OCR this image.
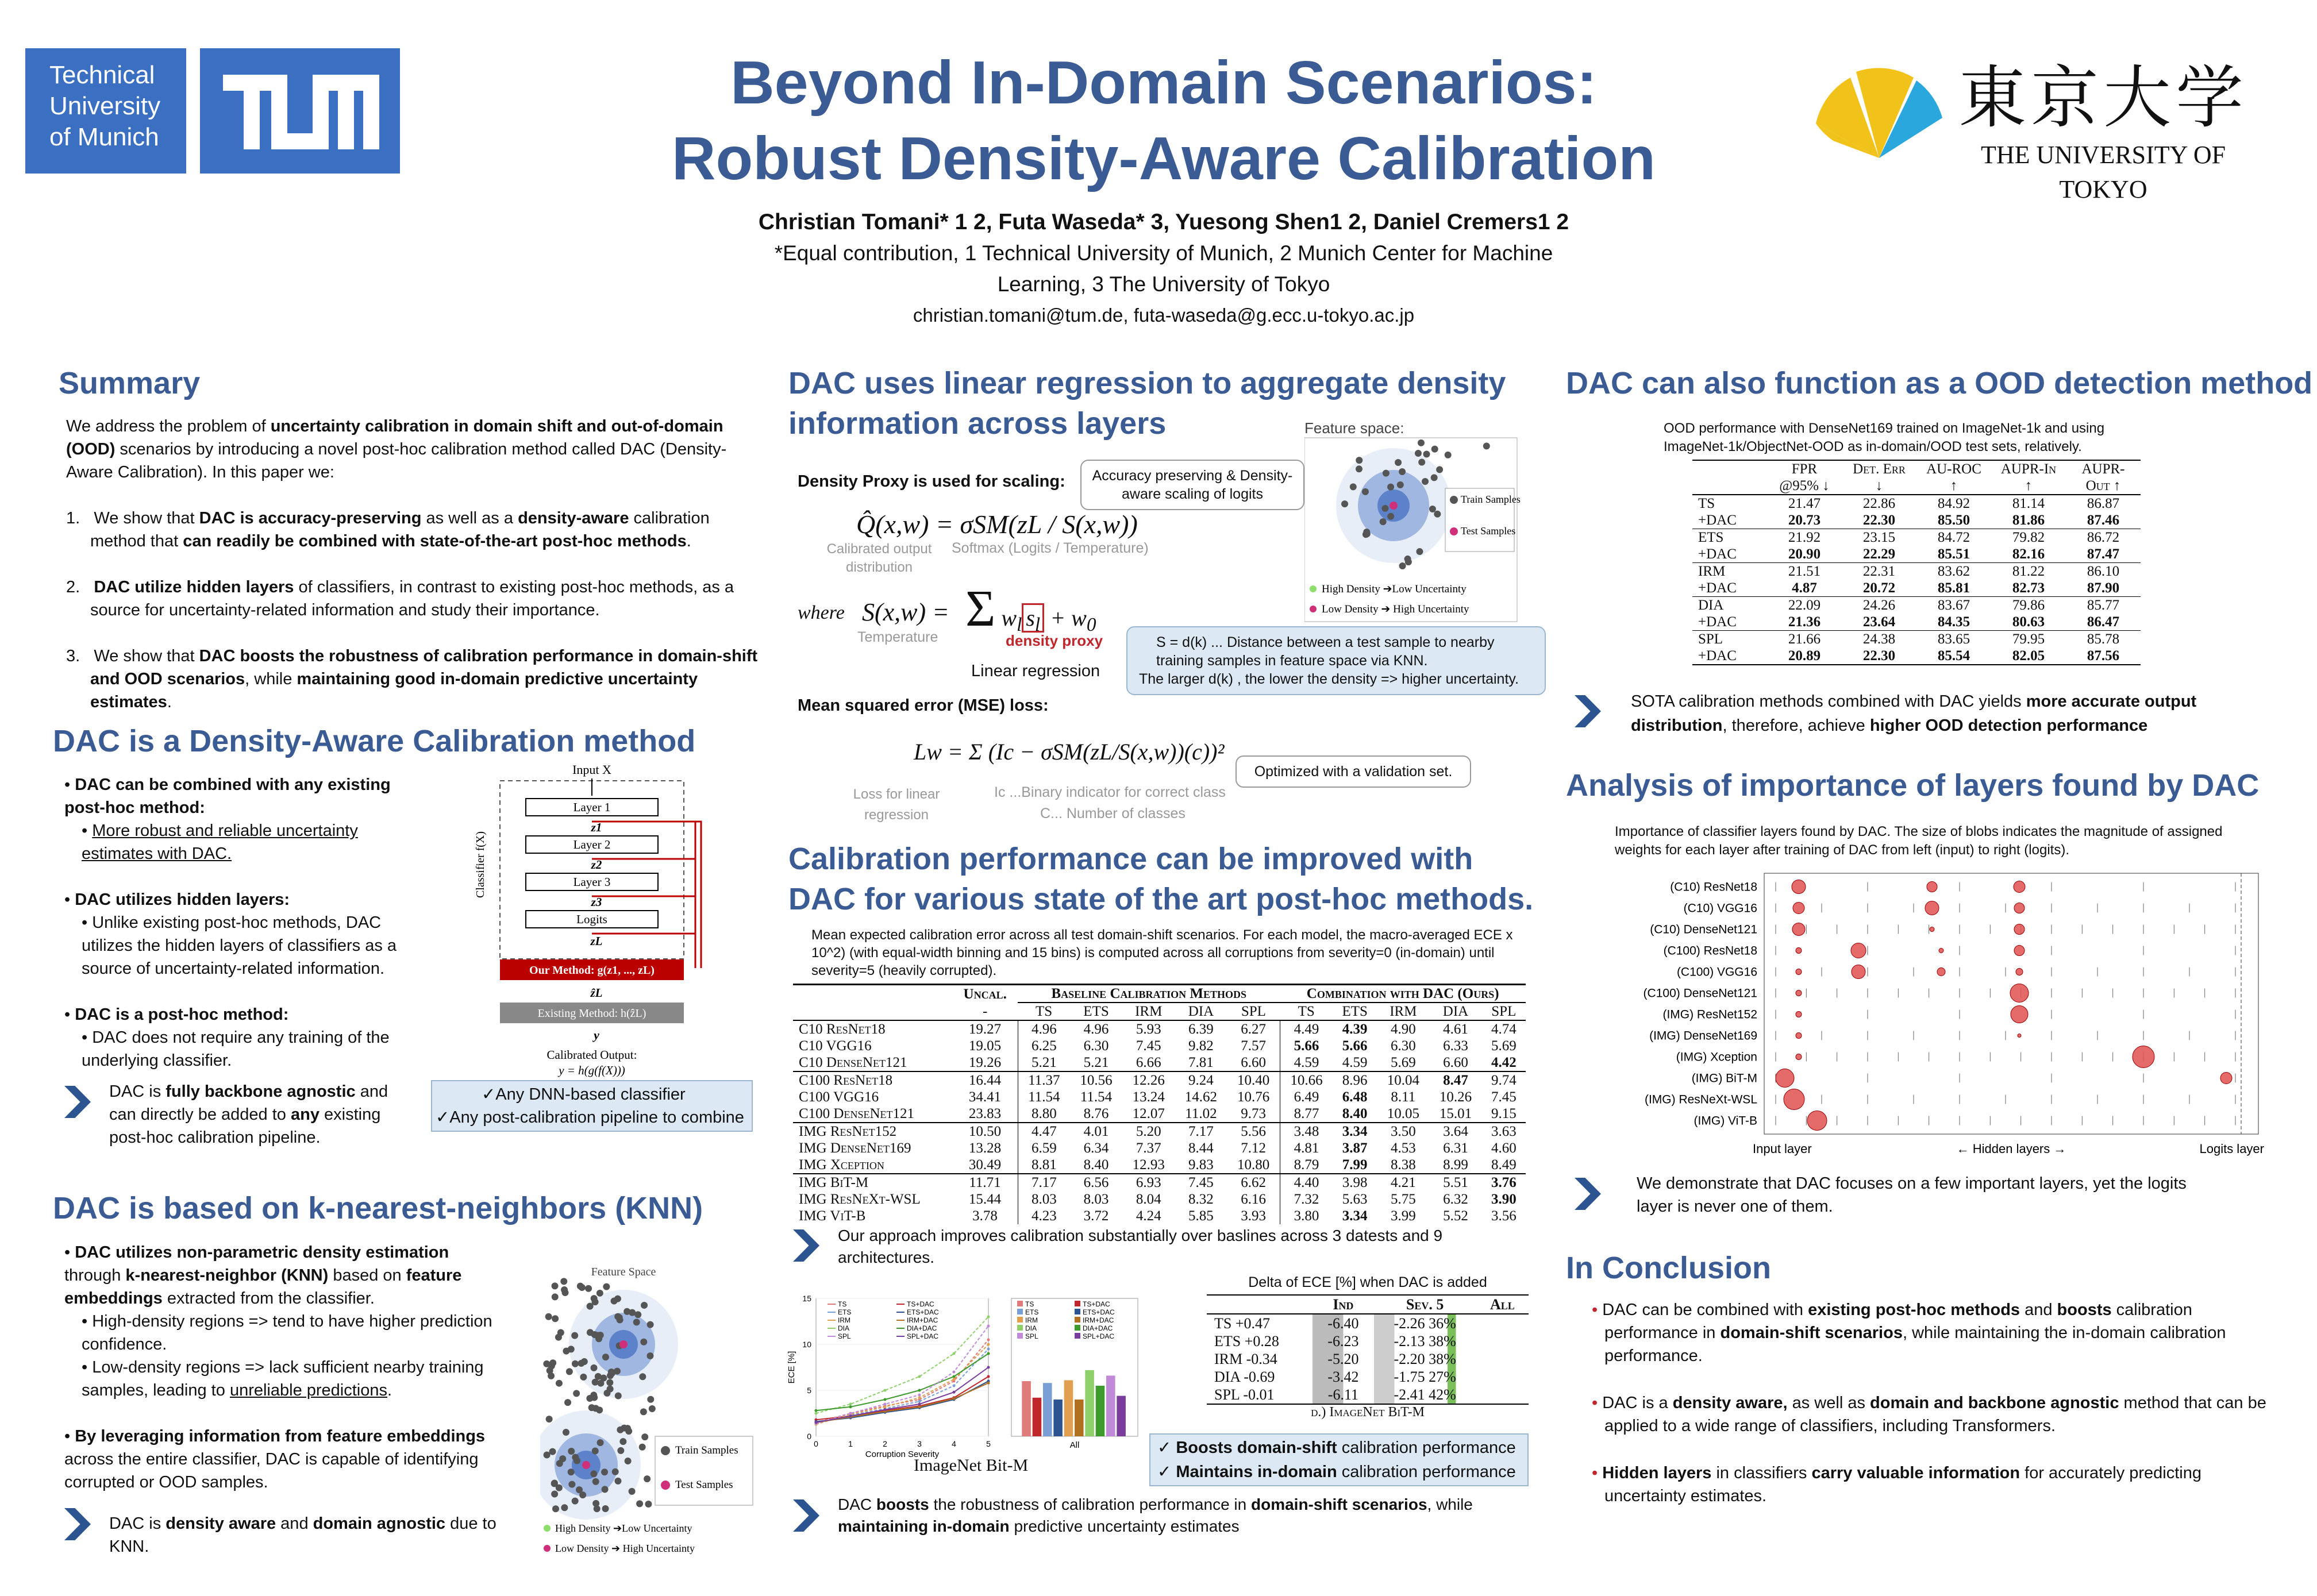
Technical
University
of Munich
Beyond In-Domain Scenarios:
Robust Density-Aware Calibration
Christian Tomani* 1 2, Futa Waseda* 3, Yuesong Shen1 2, Daniel Cremers1 2
*Equal contribution, 1 Technical University of Munich, 2 Munich Center for Machine
Learning, 3 The University of Tokyo
christian.tomani@tum.de, futa-waseda@g.ecc.u-tokyo.ac.jp
東京大学
THE UNIVERSITY OF TOKYO
Summary

We address the problem of uncertainty calibration in domain shift and out-of-domain (OOD) scenarios by introducing a novel post-hoc calibration method called DAC (Density-Aware Calibration). In this paper we:

1.   We show that DAC is accuracy-preserving as well as a density-aware calibration method that can readily be combined with state-of-the-art post-hoc methods.

2.   DAC utilize hidden layers of classifiers, in contrast to existing post-hoc methods, as a source for uncertainty-related information and study their importance.

3.   We show that DAC boosts the robustness of calibration performance in domain-shift and OOD scenarios, while maintaining good in-domain predictive uncertainty estimates.

DAC is a Density-Aware Calibration method

• DAC can be combined with any existing post-hoc method:

• More robust and reliable uncertainty estimates with DAC.

• DAC utilizes hidden layers:

• Unlike existing post-hoc methods, DAC utilizes the hidden layers of classifiers as a source of uncertainty-related information.

• DAC is a post-hoc method:

• DAC does not require any training of the underlying classifier.

DAC is fully backbone agnostic and can directly be added to any existing post-hoc calibration pipeline.
Input X
Classifier f(X)
Layer 1
z1
Layer 2
z2
Layer 3
z3
Logits
zL
Our Method: g(z1, ..., zL)
ẑL
Existing Method: h(ẑL)
y
Calibrated Output:
y = h(g(f(X)))
✓Any DNN-based classifier
✓Any post-calibration pipeline to combine
DAC is based on k-nearest-neighbors (KNN)

• DAC utilizes non-parametric density estimation through k-nearest-neighbor (KNN) based on feature embeddings extracted from the classifier.

• High-density regions => tend to have higher prediction confidence.

• Low-density regions => lack sufficient nearby training samples, leading to unreliable predictions.

• By leveraging information from feature embeddings across the entire classifier, DAC is capable of identifying corrupted or OOD samples.

DAC is density aware and domain agnostic due to KNN.
Feature Space
Train Samples
Test Samples
High Density ➔Low Uncertainty
Low Density ➔ High Uncertainty
DAC uses linear regression to aggregate density
information across layers
Density Proxy is used for scaling:	Accuracy preserving & Density-aware scaling of logits
Q̂(x,w) = σSM(zL / S(x,w))
Calibrated output distribution
Softmax (Logits / Temperature)
where S(x,w) = Σ $w_l$ $s_l + w_0$
Temperature	density proxy
Linear regression
S = d(k) ... Distance between a test sample to nearby training samples in feature space via KNN.
The larger d(k) , the lower the density => higher uncertainty.
Mean squared error (MSE) loss:
Lw = Σ (Ic − σSM(zL/S(x,w))(c))²
Loss for linear regression
Ic ...Binary indicator for correct class
C... Number of classes
Optimized with a validation set.
Feature space:
Train Samples
Test Samples
High Density ➔Low Uncertainty
Low Density ➔ High Uncertainty
Calibration performance can be improved with
DAC for various state of the art post-hoc methods.
Mean expected calibration error across all test domain-shift scenarios. For each model, the macro-averaged ECE x 10^2) (with equal-width binning and 15 bins) is computed across all corruptions from severity=0 (in-domain) until severity=5 (heavily corrupted).
	Uncal.	Baseline Calibration Methods					Combination with DAC (Ours)				
	-	TS	ETS	IRM	DIA	SPL	TS	ETS	IRM	DIA	SPL
C10 ResNet18	19.27	4.96	4.96	5.93	6.39	6.27	4.49	4.39	4.90	4.61	4.74
C10 VGG16	19.05	6.25	6.30	7.45	9.82	7.57	5.66	5.66	6.30	6.33	5.69
C10 DenseNet121	19.26	5.21	5.21	6.66	7.81	6.60	4.59	4.59	5.69	6.60	4.42
C100 ResNet18	16.44	11.37	10.56	12.26	9.24	10.40	10.66	8.96	10.04	8.47	9.74
C100 VGG16	34.41	11.54	11.54	13.24	14.62	10.76	6.49	6.48	8.11	10.26	7.45
C100 DenseNet121	23.83	8.80	8.76	12.07	11.02	9.73	8.77	8.40	10.05	15.01	9.15
IMG ResNet152	10.50	4.47	4.01	5.20	7.17	5.56	3.48	3.34	3.50	3.64	3.63
IMG DenseNet169	13.28	6.59	6.34	7.37	8.44	7.12	4.81	3.87	4.53	6.31	4.60
IMG Xception	30.49	8.81	8.40	12.93	9.83	10.80	8.79	7.99	8.38	8.99	8.49
IMG BiT-M	11.71	7.17	6.56	6.93	7.45	6.62	4.40	3.98	4.21	5.51	3.76
IMG ResNeXt-WSL	15.44	8.03	8.03	8.04	8.32	6.16	7.32	5.63	5.75	6.32	3.90
IMG ViT-B	3.78	4.23	3.72	4.24	5.85	3.93	3.80	3.34	3.99	5.52	3.56
Our approach improves calibration substantially over baslines across 3 datests and 9 architectures.
0
5
10
15
0	1	2	3	4	5
Corruption Severity
ECE [%]
TS	TS+DAC
ETS	ETS+DAC
IRM	IRM+DAC
DIA	DIA+DAC
SPL	SPL+DAC
All
TS	TS+DAC
ETS	ETS+DAC
IRM	IRM+DAC
DIA	DIA+DAC
SPL	SPL+DAC
ImageNet Bit-M
Delta of ECE [%] when DAC is added
	Ind	Sev. 5	All
TS +0.47	-6.40	-2.26 36%	
ETS +0.28	-6.23	-2.13 38%	
IRM -0.34	-5.20	-2.20 38%	
DIA -0.69	-3.42	-1.75 27%	
SPL -0.01	-6.11	-2.41 42%	
d.) ImageNet BiT-M
✓ Boosts domain-shift calibration performance
✓ Maintains in-domain calibration performance
DAC boosts the robustness of calibration performance in domain-shift scenarios, while maintaining in-domain predictive uncertainty estimates
DAC can also function as a OOD detection method
OOD performance with DenseNet169 trained on ImageNet-1k and using ImageNet-1k/ObjectNet-OOD as in-domain/OOD test sets, relatively.
	FPR @95% ↓	Det. Err ↓	AU-ROC ↑	AUPR-In ↑	AUPR-Out ↑
TS	21.47	22.86	84.92	81.14	86.87
+DAC	20.73	22.30	85.50	81.86	87.46
ETS	21.92	23.15	84.72	79.82	86.72
+DAC	20.90	22.29	85.51	82.16	87.47
IRM	21.51	22.31	83.62	81.22	86.10
+DAC	4.87	20.72	85.81	82.73	87.90
DIA	22.09	24.26	83.67	79.86	85.77
+DAC	21.36	23.64	84.35	80.63	86.47
SPL	21.66	24.38	83.65	79.95	85.78
+DAC	20.89	22.30	85.54	82.05	87.56
SOTA calibration methods combined with DAC yields more accurate output distribution, therefore, achieve higher OOD detection performance
Analysis of importance of layers found by DAC
Importance of classifier layers found by DAC. The size of blobs indicates the magnitude of assigned weights for each layer after training of DAC from left (input) to right (logits).
(C10) ResNet18
(C10) VGG16
(C10) DenseNet121
(C100) ResNet18
(C100) VGG16
(C100) DenseNet121
(IMG) ResNet152
(IMG) DenseNet169
(IMG) Xception
(IMG) BiT-M
(IMG) ResNeXt-WSL
(IMG) ViT-B
Input layer	← Hidden layers →	Logits layer
We demonstrate that DAC focuses on a few important layers, yet the logits layer is never one of them.
In Conclusion

• DAC can be combined with existing post-hoc methods and boosts calibration performance in domain-shift scenarios, while maintaining the in-domain calibration performance.

• DAC is a density aware, as well as domain and backbone agnostic method that can be applied to a wide range of classifiers, including Transformers.

• Hidden layers in classifiers carry valuable information for accurately predicting uncertainty estimates.
